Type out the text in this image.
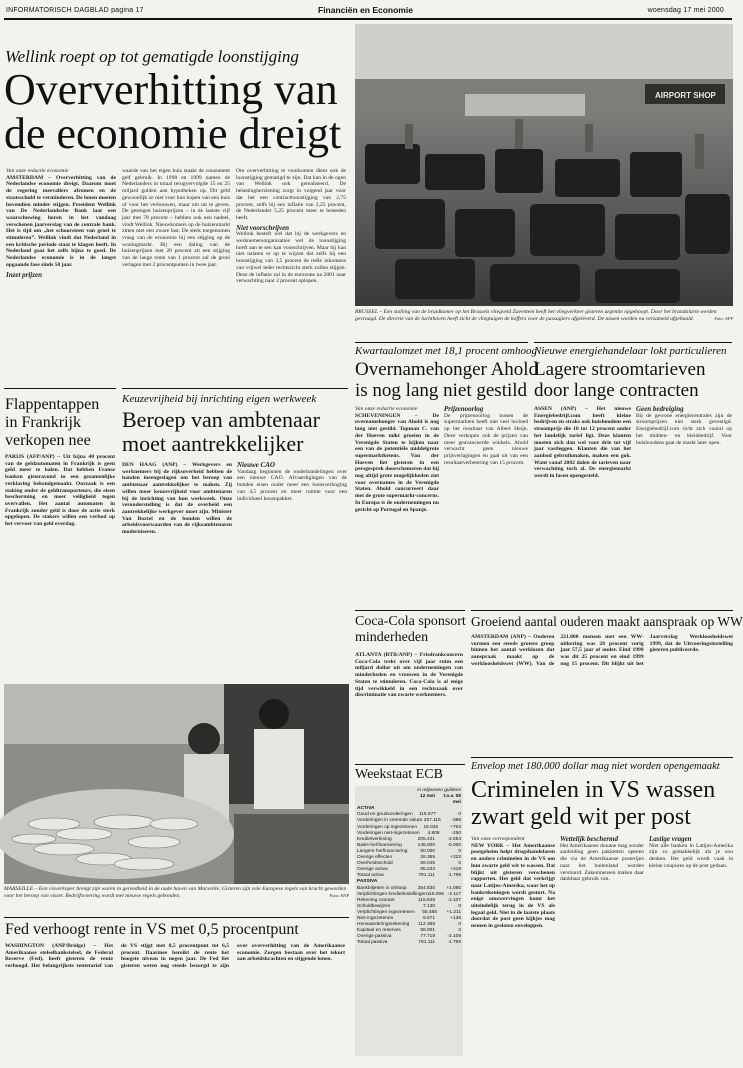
INFORMATORISCH DAGBLAD pagina 17	Financiën en Economie	woensdag 17 mei 2000
Wellink roept op tot gematigde loonstijging
Oververhitting van
de economie dreigt

Van onze redactie economie

AMSTERDAM – Oververhitting van de Nederlandse economie dreigt. Daarom moet de regering meevallers afromen en de staatsschuld te verminderen. De lonen moeten bovendien minder stijgen. President Wellink van De Nederlandsche Bank laat een waarschuwing horen in het vandaag verschenen jaarverslag van de centrale bank. Het is tijd om „het schoorsteen van groei te stimuleren”. Wellink vindt dat Nederland in een kritische periode staat te klagen heeft. In Nederland gaat het zelfs bijna te goed. De Nederlandse economie is in de langst opgaande fase sinds 50 jaar.

Inzet prijzen

waarde van het eigen huis staakt de consument gelf gebruik. In 1998 en 1999 namen de Nederlanders in totaal terugvervolgde 15 en 25 miljard gulden aan hypotheken op. Dit geld gewoonlijk ze niet voor hun kopen van een huis of voor het verbouwen, maar om uit te geven. De gestegen huizenprijzen – in de laatste vijf jaar met 78 procent – hebben ook een nadeel, vindt Wellink. Nieuwkomers op de huizenmarkt zitten met een zware last. De sterk toegenomen vraag van de economie bij een stijging op de woningmarkt. Bij een daling van de huizenprijzen met 20 procent zit een stijging van de lange rente van 1 procent zal de groei verlagen met 2 procentpunten in twee jaar.

Om oververhitting te voorkomen dient ook de loonstijging gematigd te zijn. Dat kan in de ogen van Wellink ook gerealiseerd. De belastingherziening zorgt in volgend jaar voor dat het een contractloonstijging van 2,75 procent, zelfs bij een inflatie van 2,25 procent, de Nederlander 5,25 procent meer te besteden heeft.

Niet voorschrijven

Wellink besteft wel dat hij de werkgevers en werknemersorganisaties wel de loonstijging hoeft aan te sen kan voorschrijven. Maar hij kan niet nalaten er op te wijzen dat zelfs bij een loonstijging van 3,5 procent de reële inkomens van vrijwel ieder rechtszicht sterk zullen stijgen. Deze de inflatie zal in de eurozone na 2001 naar verwachting naar 2 procent oplopen.

AIRPORT SHOP
BRUSSEL – Een stalling van de bruidkamer op het Brussels vliegveld Zaventem heeft het vliegverkeer gisteren urgentie opgehoopt. Door het brandalarm werden gevraagd. De directie van de luchthaven heeft zicht de vliegtuigen de koffers voor de passagiers afgeleverd. De tassen worden nu verzameld afgehaald.	Foto: AFP
Flappentappen in Frankrijk verkopen nee

PARIJS (AFP/ANP) – Uit bijna 40 procent van de geldautomaten in Frankrijk is geen geld meer te halen. Dat hebben Franse banken gisteravond in een gezamenlijke verklaring bekendgemaakt. Oorzaak is een staking onder de geldtransporteurs, die eisen bescherming en meer veiligheid tegen overvallen. Het aantal automaten in Frankrijk zonder geld is door de actie sterk opgelopen. De stakers willen een verbod op het vervoer van geld overdag.

Keuzevrijheid bij inrichting eigen werkweek
Beroep van ambtenaar
moet aantrekkelijker

DEN HAAG (ANP) – Werkgevers en werknemers bij de rijksoverheid hebben de handen ineengeslagen om het beroep van ambtenaar aantrekkelijker te maken. Zij willen meer keuzevrijheid voor ambtenaren bij de inrichting van hun werkweek. Onze veronderstelling is dat de overheid een aantrekkelijke werkgever moet zijn. Minister Van Boxtel en de bonden willen de arbeidsvoorwaarden van de rijksambtenaren moderniseren.

Nieuwe CAO

Vandaag begonnen de onderhandelingen over een nieuwe CAO. Afvaardigingen van de bonden eisen onder meer een loonsverhoging van 4,5 procent en meer ruimte voor een individueel keuzepakket.

MARSEILLE – Een visverkoper brengt zijn waren in gereedheid in de oude haven van Marseille. Gisteren zijn vele Europese regels van kracht geworden voor het beroep van visser. Bedrijfsvoering wordt met nieuwe regels gebonden.	Foto: ANP
Fed verhoogt rente in VS met 0,5 procentpunt

WASHINGTON (ANP/Bridge) – Het Amerikaanse stelselbankstelsel, de Federal Reserve (Fed), heeft gisteren de rente verhoogd. Het belangrijkste rentetarief van de VS stijgt met 0,5 procentpunt tot 6,5 procent. Daarmee bereikt de rente het hoogste niveau in negen jaar. De Fed liet gisteren weten nog steeds bezorgd te zijn over oververhitting van de Amerikaanse economie. Zorgen bestaan over het tekort aan arbeidskrachten en stijgende lonen.

Kwartaalomzet met 18,1 procent omhoog
Overnamehonger Ahold
is nog lang niet gestild

Van onze redactie economie

SCHEVENINGEN – De overnamehonger van Ahold is nog lang niet gestild. Topman C. van der Hoeven mikt groeien in de Verenigde Staten te kijken naar een van de potentiële middelgrote supermarktketens. Van der Hoeven liet gisteren in een persgesprek doorschemeren dat hij nog altijd grote mogelijkheden ziet voor overnames in de Verenigde Staten. Ahold concurreert daar met de grote supermarkt-concerns. In Europa is de ondernemingen nu gericht op Portugal en Spanje.

Prijzenoorlog

De prijzenoorlog tussen de supermarkten heeft niet veel invloed op het resultaat van Albert Heijn. Deze verkopen ook de prijzen van meer geavanceerde winkels. Ahold verwacht geen nieuwe prijsverlagingen en gaat uit van een resultaatverbetering van 15 procent.

Nieuwe energiehandelaar lokt particulieren
Lagere stroomtarieven
door lange contracten

ASSEN (ANP) – Het nieuwe Energiebedrijf.com heeft kleine bedrijven en straks ook huishoudens een stroomprijs die 10 tot 12 procent onder het landelijk tarief ligt. Deze klanten moeten zich dan wel voor drie tot vijf jaar vastleggen. Klanten die van het aanbod gebruikmaken, maken een gok. Want vanaf 2002 dalen de tarieven naar verwachting toch al. De energiemarkt wordt in fasen opengesteld.

Geen bedreiging

Bij de gewone energiecentrales zijn de stroomprijzen niet sterk gevestigd. Energiebedrijf.com richt zich vooral op het midden- en kleinbedrijf. Voor huishoudens gaat de markt later open.

Coca-Cola sponsort
minderheden

ATLANTA (RTR/ANP) – Frisdrankconcern Coca-Cola trekt over vijf jaar ruim een miljard dollar uit om ondernemingen van minderheden en vrouwen in de Verenigde Staten te stimuleren. Coca-Cola is al enige tijd verwikkeld in een rechtszaak over discriminatie van zwarte werknemers.

Weekstaat ECB
in miljoenen guldens
12 mei	t.o.v. 05 mei
ACTIVA
Goud en goudvorderingen	116.677	0
Vorderingen in vreemde valuta 257.116	-398
Vorderingen op ingezetenen	16.035	+763
Vorderingen niet-ingezetenen	4.808	-250
Kredietverlening	205.431	-2.554
Basis-herfinanciering	145.000	-5.000
Langere herfinanciering	60.000	0
Overige effecten	26.355	+322
Overheidsschuld	59.045	0
Overige activa	85.233	+318
Totaal activa	791.111	-1.799
PASSIVA
Bankbiljetten in omloop	354.830	+1.080
Verplichtingen kredietinstellingen 116.005 -2.117
Rekening courant	115.848	-2.107
Schuldbewijzen	7.130	0
Verplichtingen ingezetenen	55.488	+1.211
Niet-ingezetenen	9.571	+136
Herwaarderingsrekening	112.368	0
Kapitaal en reserves	58.001	0
Overige passiva	77.718	-2.109
Totaal passiva	791.111	-1.799
Groeiend aantal ouderen maakt aanspraak op WW

AMSTERDAM (ANP) – Ouderen vormen een steeds grotere groep binnen het aantal werklozen dat aanspraak maakt op de werkloosheidswet (WW). Van de 221.000 mensen met een WW-uitkering was 28 procent vorig jaar 57,5 jaar of ouder. Eind 1998 was dit 25 procent en eind 1999 nog 15 procent. Dit blijkt uit het Jaarverslag Werkloosheidswet 1999, dat de Uitvoeringsinstelling gisteren publiceerde.

Envelop met 180.000 dollar mag niet worden opengemaakt
Criminelen in VS wassen
zwart geld wit per post

Van onze correspondent

NEW YORK – Het Amerikaanse postgeheim helpt drugshandelaren en andere criminelen in de VS om hun zwarte geld wit te wassen. Dat blijkt uit gisteren verschenen rapporten. Het geld dat verkrijgt naar Latijns-Amerika, waar het op bankrekeningen wordt gestort. Na enige omzwervingen komt het uiteindelijk terug in de VS als legaal geld. Niet in de laatste plaats doordat de post geen kijkjes mag nemen in gesloten enveloppen.

Wettelijk beschermd

Het Amerikaanse douane mag zonder aanleiding geen pakketten openen die via de Amerikaanse posterijen naar het buitenland worden verstuurd. Zakenmensen maken daar dankbaar gebruik van.

Lastige vragen

Niet alle banken in Latijns-Amerika zijn zo gemakkelijk als je zou denken. Het geld wordt vaak in kleine coupures op de post gedaan.
